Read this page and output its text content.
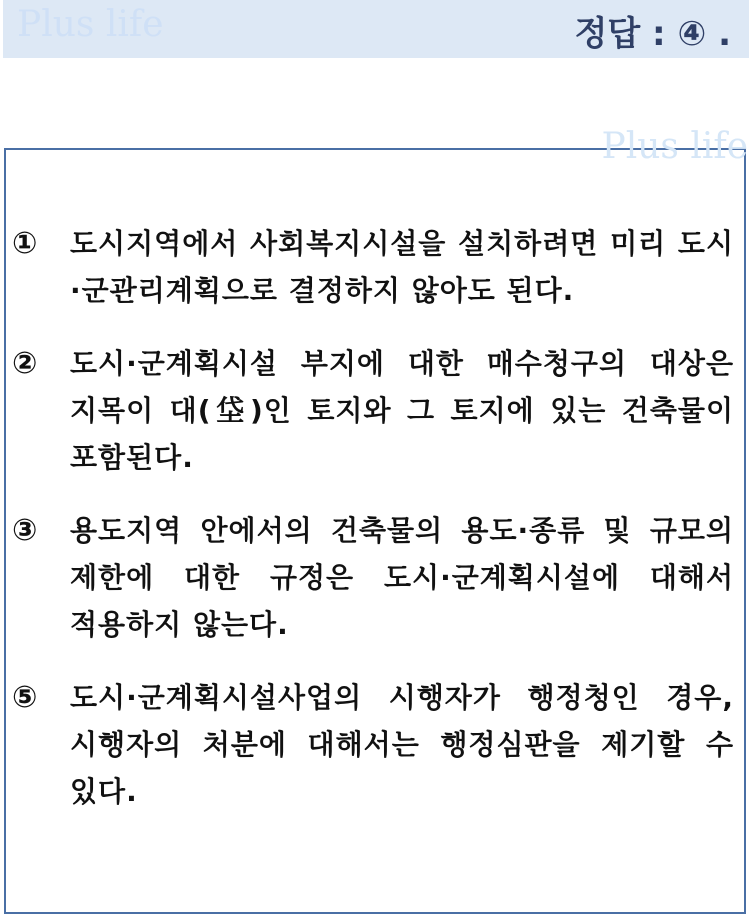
Plus life	정답 : ④ .
Plus life
①	도시지역에서 사회복지시설을 설치하려면 미리 도시·군관리계획으로 결정하지 않아도 된다.
②	도시·군계획시설 부지에 대한 매수청구의 대상은 지목이 대(垈)인 토지와 그 토지에 있는 건축물이 포함된다.
③	용도지역 안에서의 건축물의 용도·종류 및 규모의 제한에 대한 규정은 도시·군계획시설에 대해서 적용하지 않는다.
⑤	도시·군계획시설사업의 시행자가 행정청인 경우, 시행자의 처분에 대해서는 행정심판을 제기할 수 있다.
